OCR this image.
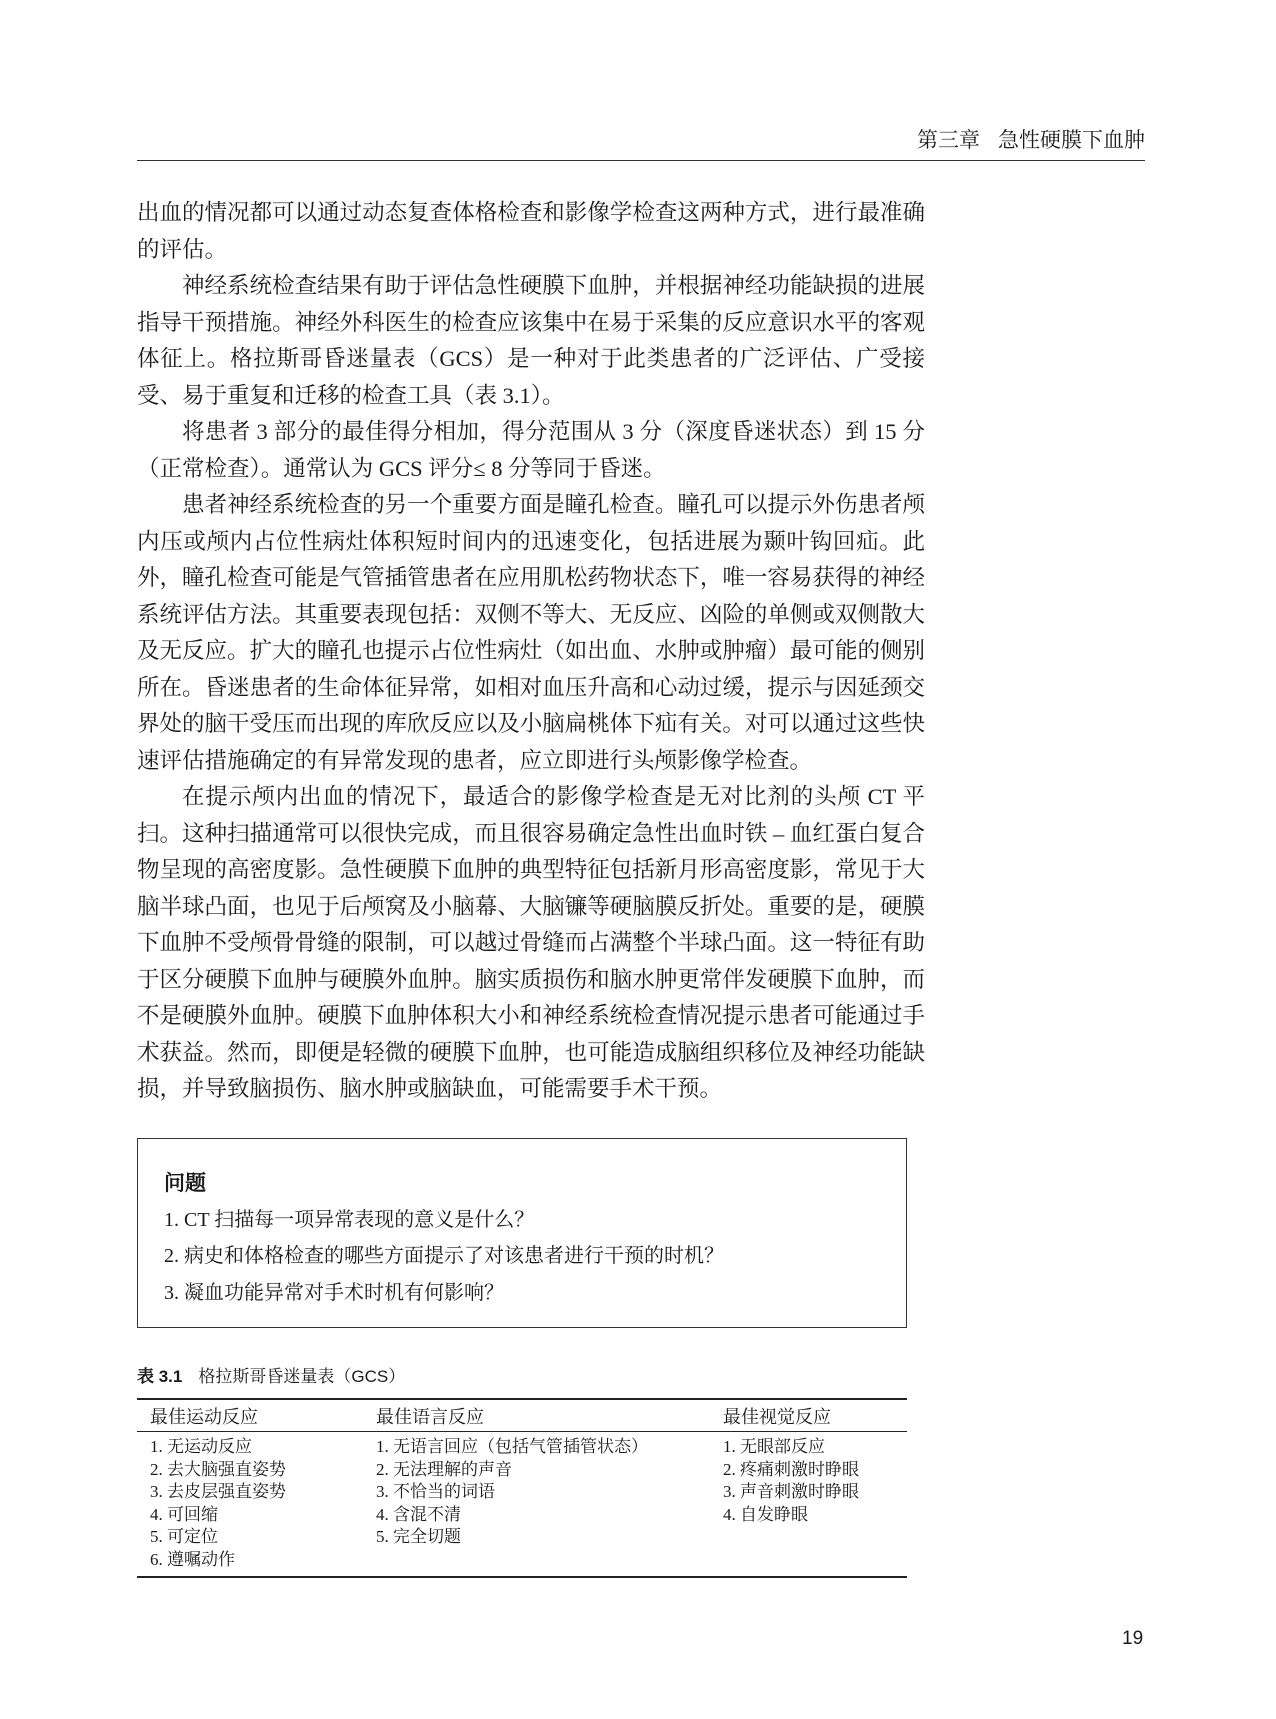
第三章 急性硬膜下血肿

出血的情况都可以通过动态复查体格检查和影像学检查这两种方式，进行最准确的评估。

神经系统检查结果有助于评估急性硬膜下血肿，并根据神经功能缺损的进展指导干预措施。神经外科医生的检查应该集中在易于采集的反应意识水平的客观体征上。格拉斯哥昏迷量表（GCS）是一种对于此类患者的广泛评估、广受接受、易于重复和迁移的检查工具（表 3.1）。

将患者 3 部分的最佳得分相加，得分范围从 3 分（深度昏迷状态）到 15 分（正常检查）。通常认为 GCS 评分≤ 8 分等同于昏迷。

患者神经系统检查的另一个重要方面是瞳孔检查。瞳孔可以提示外伤患者颅内压或颅内占位性病灶体积短时间内的迅速变化，包括进展为颞叶钩回疝。此外，瞳孔检查可能是气管插管患者在应用肌松药物状态下，唯一容易获得的神经系统评估方法。其重要表现包括：双侧不等大、无反应、凶险的单侧或双侧散大及无反应。扩大的瞳孔也提示占位性病灶（如出血、水肿或肿瘤）最可能的侧别所在。昏迷患者的生命体征异常，如相对血压升高和心动过缓，提示与因延颈交界处的脑干受压而出现的库欣反应以及小脑扁桃体下疝有关。对可以通过这些快速评估措施确定的有异常发现的患者，应立即进行头颅影像学检查。

在提示颅内出血的情况下，最适合的影像学检查是无对比剂的头颅 CT 平扫。这种扫描通常可以很快完成，而且很容易确定急性出血时铁 – 血红蛋白复合物呈现的高密度影。急性硬膜下血肿的典型特征包括新月形高密度影，常见于大脑半球凸面，也见于后颅窝及小脑幕、大脑镰等硬脑膜反折处。重要的是，硬膜下血肿不受颅骨骨缝的限制，可以越过骨缝而占满整个半球凸面。这一特征有助于区分硬膜下血肿与硬膜外血肿。脑实质损伤和脑水肿更常伴发硬膜下血肿，而不是硬膜外血肿。硬膜下血肿体积大小和神经系统检查情况提示患者可能通过手术获益。然而，即便是轻微的硬膜下血肿，也可能造成脑组织移位及神经功能缺损，并导致脑损伤、脑水肿或脑缺血，可能需要手术干预。

问题
1. CT 扫描每一项异常表现的意义是什么？
2. 病史和体格检查的哪些方面提示了对该患者进行干预的时机？
3. 凝血功能异常对手术时机有何影响？
表 3.1 格拉斯哥昏迷量表（GCS）
最佳运动反应	最佳语言反应	最佳视觉反应
1. 无运动反应
2. 去大脑强直姿势
3. 去皮层强直姿势
4. 可回缩
5. 可定位
6. 遵嘱动作
1. 无语言回应（包括气管插管状态）
2. 无法理解的声音
3. 不恰当的词语
4. 含混不清
5. 完全切题
1. 无眼部反应
2. 疼痛刺激时睁眼
3. 声音刺激时睁眼
4. 自发睁眼
19
